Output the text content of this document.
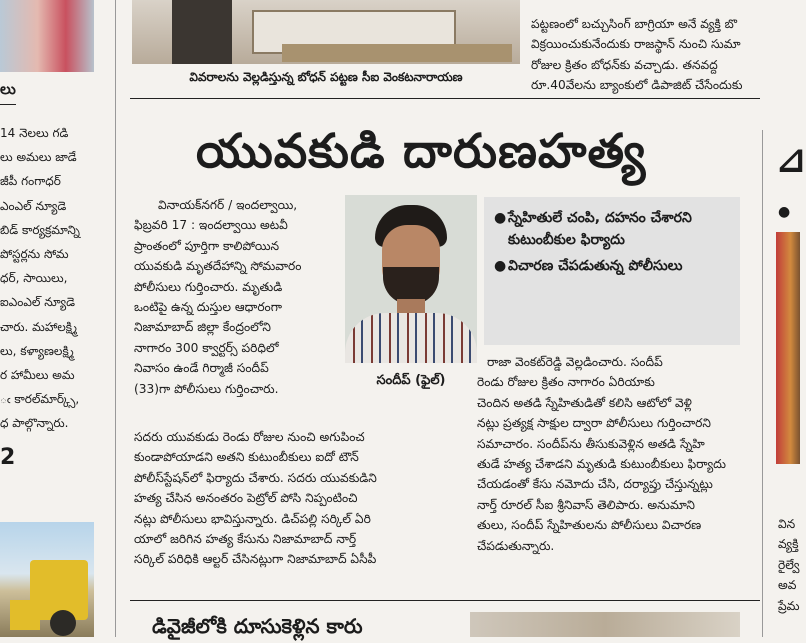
వివరాలను వెల్లడిస్తున్న బోధన్ పట్టణ సీఐ వెంకటనారాయణ
పట్టణంలో బచ్చుసింగ్ బాగ్రియా అనే వ్యక్తి బొ
విక్రయించుకునేందుకు రాజస్థాన్ నుంచి సుమా
రోజుల క్రితం బోధన్‌కు వచ్చాడు. తనవద్ద
రూ.40వేలను బ్యాంకులో డిపాజిట్ చేసేందుకు
లు
14 నెలలు గడి
లు అమలు జాడే
జీపీ గంగాధర్
ఎంఎల్ న్యూడె
బిడ్ కార్యక్రమాన్ని
పోస్టర్లను సోమ
ధర్, సాయిలు,
ఐఎంఎల్ న్యూడె
చారు. మహాలక్ష్మి
లు, కళ్యాణలక్ష్మి
ర హామీలు అమ
ఁ కారల్‌మార్క్స్,
ధ పాల్గొన్నారు.
2
యువకుడి దారుణహత్య
సందీప్ (ఫైల్)
● స్నేహితులే చంపి, దహనం చేశారని కుటుంబీకుల ఫిర్యాదు
● విచారణ చేపడుతున్న పోలీసులు
వినాయక్‌నగర్ / ఇందల్వాయి,
ఫిబ్రవరి 17 : ఇందల్వాయి అటవీ
ప్రాంతంలో పూర్తిగా కాలిపోయిన
యువకుడి మృతదేహాన్ని సోమవారం
పోలీసులు గుర్తించారు. మృతుడి
ఒంటిపై ఉన్న దుస్తుల ఆధారంగా
నిజామాబాద్ జిల్లా కేంద్రంలోని
నాగారం 300 క్వార్టర్స్ పరిధిలో
నివాసం ఉండే గిర్మాజీ సందీప్
(33)గా పోలీసులు గుర్తించారు.
సదరు యువకుడు రెండు రోజుల నుంచి అగుపించ
కుండాపోయాడని అతని కుటుంబీకులు ఐదో టౌన్
పోలీస్‌స్టేషన్‌లో ఫిర్యాదు చేశారు. సదరు యువకుడిని
హత్య చేసిన అనంతరం పెట్రోల్ పోసి నిప్పంటించి
నట్లు పోలీసులు భావిస్తున్నారు. డిచ్‌పల్లి సర్కిల్ ఏరి
యాలో జరిగిన హత్య కేసును నిజామాబాద్ నార్త్
సర్కిల్ పరిధికి ఆల్టర్ చేసినట్లుగా నిజామాబాద్ ఏసీపీ
రాజా వెంకట్‌రెడ్డి వెల్లడించారు. సందీప్
రెండు రోజుల క్రితం నాగారం ఏరియాకు
చెందిన అతడి స్నేహితుడితో కలిసి ఆటోలో వెళ్లి
నట్లు ప్రత్యక్ష సాక్షుల ద్వారా పోలీసులు గుర్తించారని
సమాచారం. సందీప్‌ను తీసుకువెళ్లిన అతడి స్నేహి
తుడే హత్య చేశాడని మృతుడి కుటుంబీకులు ఫిర్యాదు
చేయడంతో కేసు నమోదు చేసి, దర్యాప్తు చేస్తున్నట్లు
నార్త్ రూరల్ సీఐ శ్రీనివాస్ తెలిపారు. అనుమాని
తులు, సందీప్ స్నేహితులను పోలీసులు విచారణ
చేపడుతున్నారు.
డివైజీలోకి దూసుకెళ్లిన కారు
⊿
●
విన
వ్యక్తి
రైల్వే
అవ
ప్రేమ
